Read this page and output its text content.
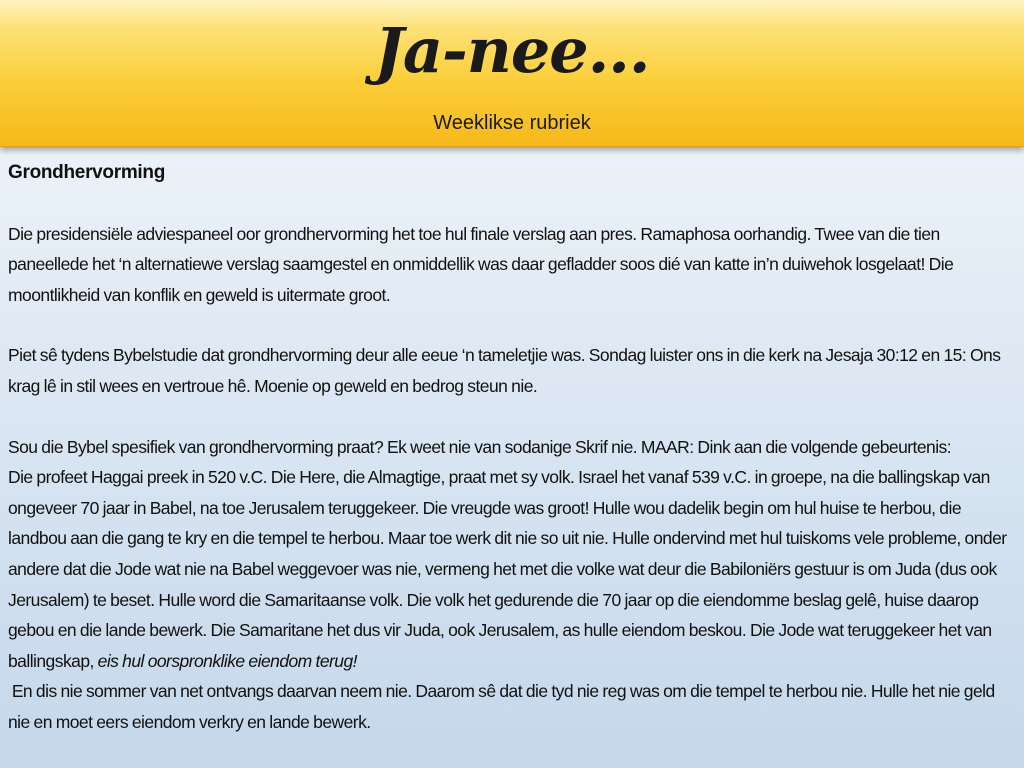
Ja-nee...
Weeklikse rubriek
Grondhervorming
Die presidensiële adviespaneel oor grondhervorming het toe hul finale verslag aan pres. Ramaphosa oorhandig. Twee van die tien paneellede het ‘n alternatiewe verslag saamgestel en onmiddellik was daar gefladder soos dié van katte in’n duiwehok losgelaat! Die moontlikheid van konflik en geweld is uitermate groot.
Piet sê tydens Bybelstudie dat grondhervorming deur alle eeue ‘n tameletjie was. Sondag luister ons in die kerk na Jesaja 30:12 en 15: Ons krag lê in stil wees en vertroue hê. Moenie op geweld en bedrog steun nie.
Sou die Bybel spesifiek van grondhervorming praat? Ek weet nie van sodanige Skrif nie. MAAR: Dink aan die volgende gebeurtenis:
Die profeet Haggai preek in 520 v.C. Die Here, die Almagtige, praat met sy volk. Israel het vanaf 539 v.C. in groepe, na die ballingskap van ongeveer 70 jaar in Babel, na toe Jerusalem teruggekeer. Die vreugde was groot! Hulle wou dadelik begin om hul huise te herbou, die landbou aan die gang te kry en die tempel te herbou. Maar toe werk dit nie so uit nie. Hulle ondervind met hul tuiskoms vele probleme, onder andere dat die Jode wat nie na Babel weggevoer was nie, vermeng het met die volke wat deur die Babiloniërs gestuur is om Juda (dus ook Jerusalem) te beset. Hulle word die Samaritaanse volk. Die volk het gedurende die 70 jaar op die eiendomme beslag gelê, huise daarop gebou en die lande bewerk. Die Samaritane het dus vir Juda, ook Jerusalem, as hulle eiendom beskou. Die Jode wat teruggekeer het van ballingskap, eis hul oorspronklike eiendom terug!
En dis nie sommer van net ontvangs daarvan neem nie. Daarom sê dat die tyd nie reg was om die tempel te herbou nie. Hulle het nie geld nie en moet eers eiendom verkry en lande bewerk.
